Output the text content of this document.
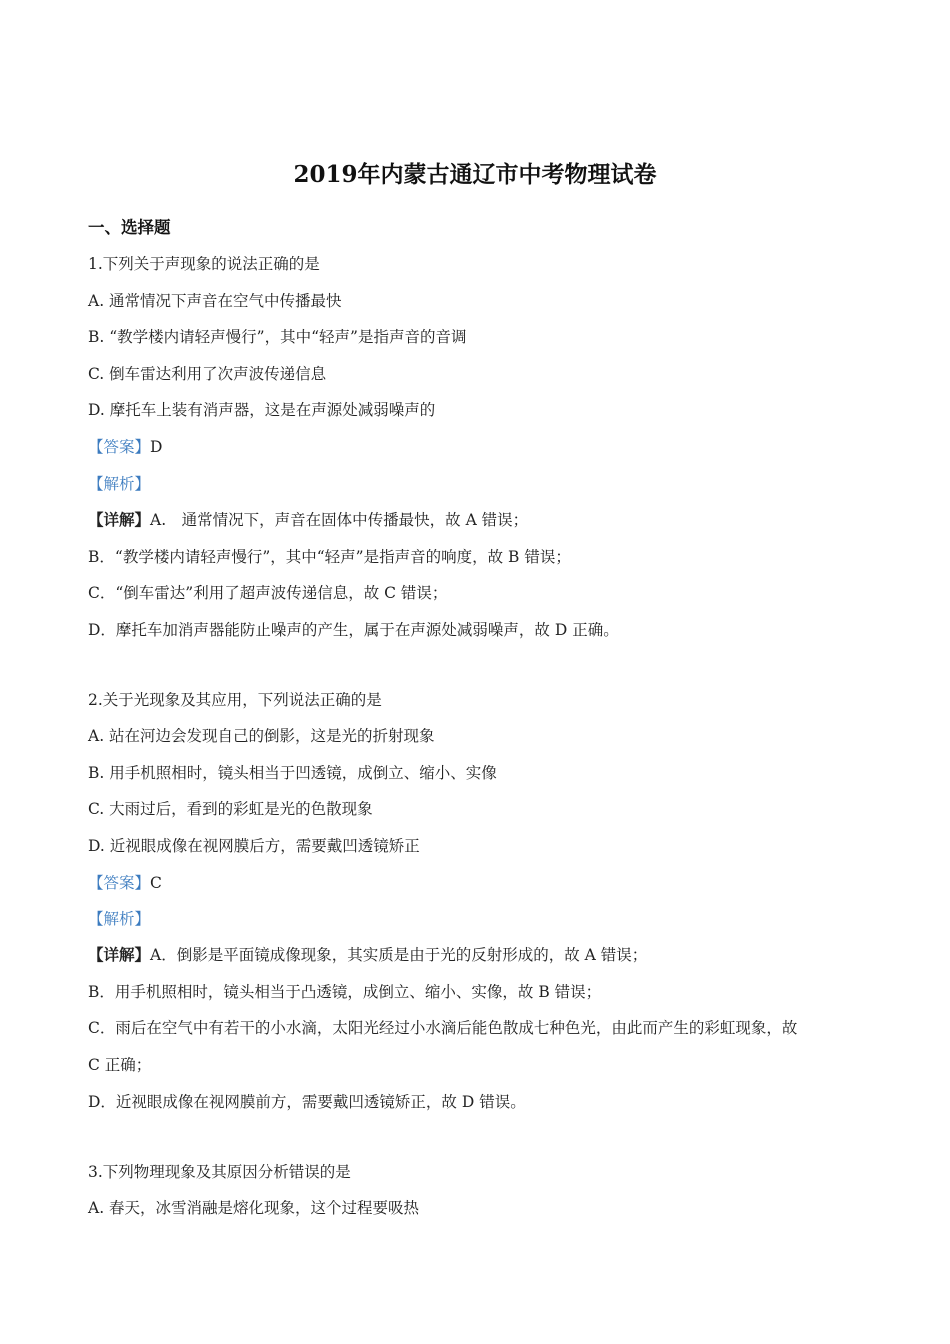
2019年内蒙古通辽市中考物理试卷
一、选择题
1.下列关于声现象的说法正确的是
A. 通常情况下声音在空气中传播最快
B. “教学楼内请轻声慢行”，其中“轻声”是指声音的音调
C. 倒车雷达利用了次声波传递信息
D. 摩托车上装有消声器，这是在声源处减弱噪声的
【答案】D
【解析】
【详解】A.　通常情况下，声音在固体中传播最快，故 A 错误；
B．“教学楼内请轻声慢行”，其中“轻声”是指声音的响度，故 B 错误；
C．“倒车雷达”利用了超声波传递信息，故 C 错误；
D．摩托车加消声器能防止噪声的产生，属于在声源处减弱噪声，故 D 正确。
2.关于光现象及其应用，下列说法正确的是
A. 站在河边会发现自己的倒影，这是光的折射现象
B. 用手机照相时，镜头相当于凹透镜，成倒立、缩小、实像
C. 大雨过后，看到的彩虹是光的色散现象
D. 近视眼成像在视网膜后方，需要戴凹透镜矫正
【答案】C
【解析】
【详解】A．倒影是平面镜成像现象，其实质是由于光的反射形成的，故 A 错误；
B．用手机照相时，镜头相当于凸透镜，成倒立、缩小、实像，故 B 错误；
C．雨后在空气中有若干的小水滴，太阳光经过小水滴后能色散成七种色光，由此而产生的彩虹现象，故
C 正确；
D．近视眼成像在视网膜前方，需要戴凹透镜矫正，故 D 错误。
3.下列物理现象及其原因分析错误的是
A. 春天，冰雪消融是熔化现象，这个过程要吸热
